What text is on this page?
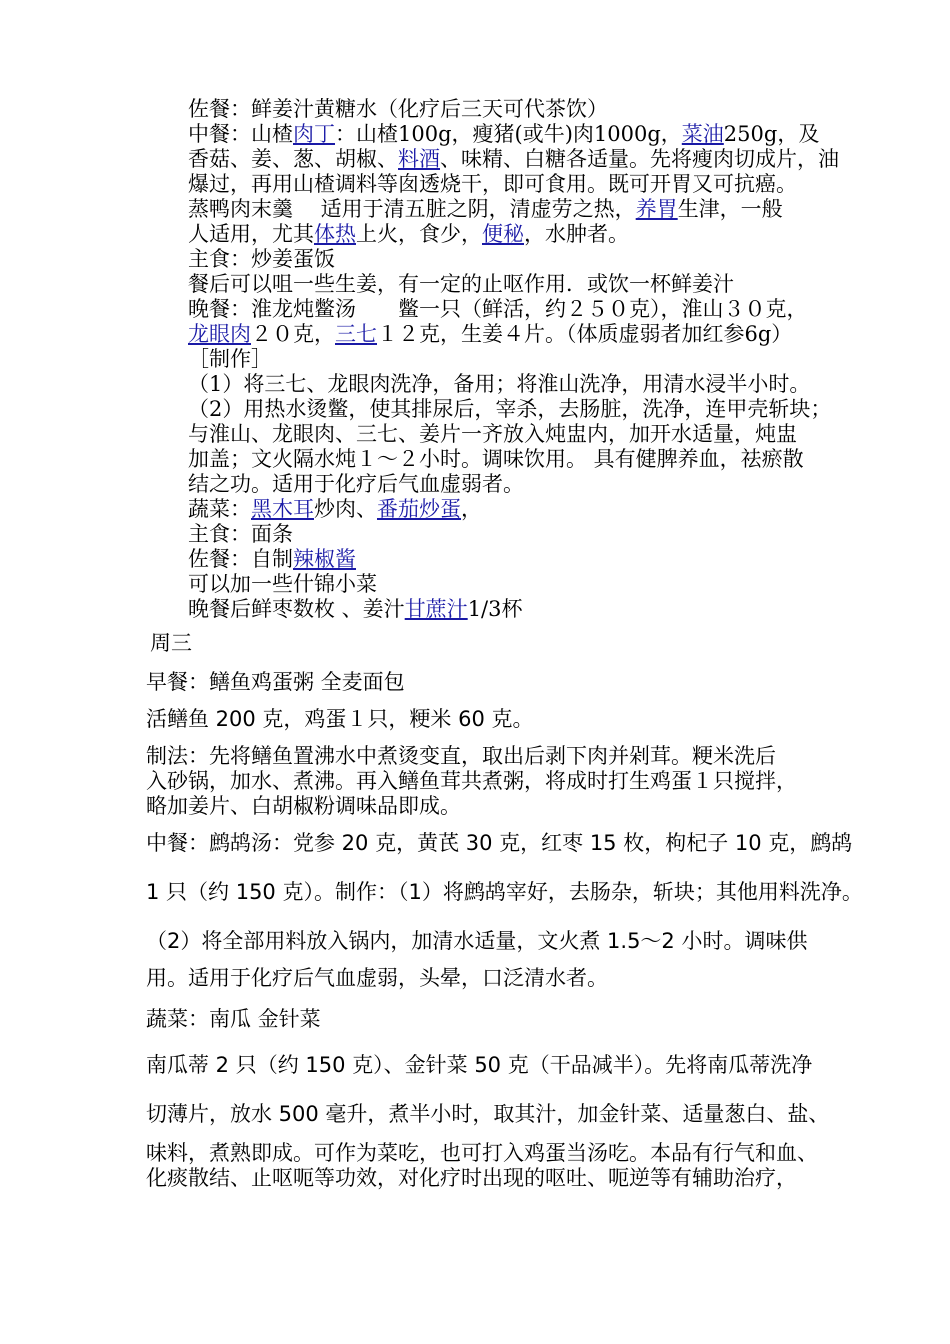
佐餐：鲜姜汁黄糖水（化疗后三天可代茶饮）
中餐：山楂肉丁：山楂100g，瘦猪(或牛)肉1000g，菜油250g，及
香菇、姜、葱、胡椒、料酒、味精、白糖各适量。先将瘦肉切成片，油
爆过，再用山楂调料等囱透烧干，即可食用。既可开胃又可抗癌。
蒸鸭肉末羹　 适用于清五脏之阴，清虚劳之热，养胃生津，一般
人适用，尤其体热上火，食少，便秘，水肿者。
主食：炒姜蛋饭
餐后可以咀一些生姜，有一定的止呕作用．或饮一杯鲜姜汁
晚餐：淮龙炖鳖汤　　鳖一只（鲜活，约２５０克），淮山３０克，
龙眼肉２０克，三七１２克，生姜４片。（体质虚弱者加红参6g）
［制作］
（1）将三七、龙眼肉洗净，备用；将淮山洗净，用清水浸半小时。
（2）用热水烫鳖，使其排尿后，宰杀，去肠脏，洗净，连甲壳斩块；
与淮山、龙眼肉、三七、姜片一齐放入炖盅内，加开水适量，炖盅
加盖；文火隔水炖１～２小时。调味饮用。 具有健脾养血，祛瘀散
结之功。适用于化疗后气血虚弱者。
蔬菜：黑木耳炒肉、番茄炒蛋，
主食：面条
佐餐：自制辣椒酱
可以加一些什锦小菜
晚餐后鲜枣数枚 、姜汁甘蔗汁1/3杯
周三
早餐：鳝鱼鸡蛋粥 全麦面包
活鳝鱼 200 克，鸡蛋１只，粳米 60 克。
制法：先将鳝鱼置沸水中煮烫变直，取出后剥下肉并剁茸。粳米洗后
入砂锅，加水、煮沸。再入鳝鱼茸共煮粥，将成时打生鸡蛋１只搅拌，
略加姜片、白胡椒粉调味品即成。
中餐：鹧鸪汤：党参 20 克，黄芪 30 克，红枣 15 枚，枸杞子 10 克，鹧鸪
1 只（约 150 克）。制作：（1）将鹧鸪宰好，去肠杂，斩块；其他用料洗净。
（2）将全部用料放入锅内，加清水适量，文火煮 1.5～2 小时。调味供
用。适用于化疗后气血虚弱，头晕，口泛清水者。
蔬菜：南瓜 金针菜
南瓜蒂 2 只（约 150 克）、金针菜 50 克（干品减半）。先将南瓜蒂洗净
切薄片，放水 500 毫升，煮半小时，取其汁，加金针菜、适量葱白、盐、
味料，煮熟即成。可作为菜吃，也可打入鸡蛋当汤吃。本品有行气和血、
化痰散结、止呕呃等功效，对化疗时出现的呕吐、呃逆等有辅助治疗，
